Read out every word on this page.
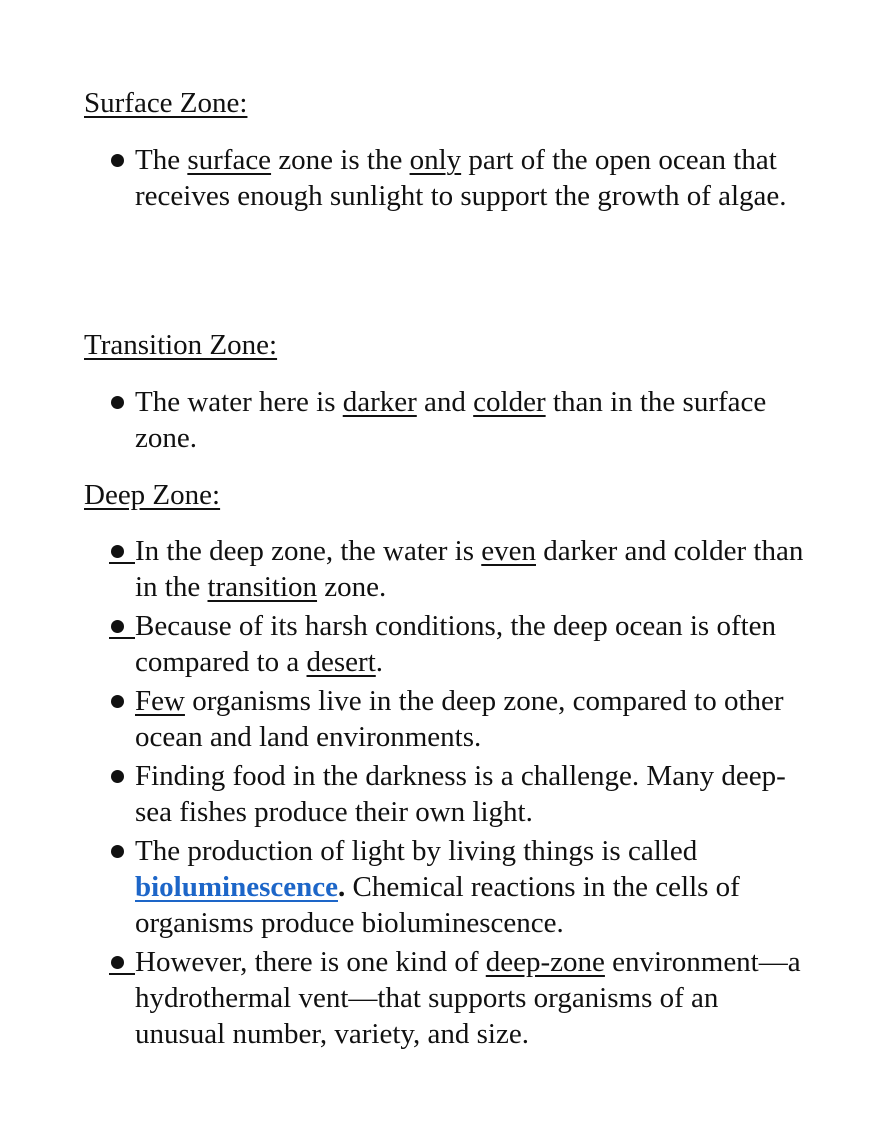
Surface Zone:
The surface zone is the only part of the open ocean that receives enough sunlight to support the growth of algae.
Transition Zone:
The water here is darker and colder than in the surface zone.
Deep Zone:
In the deep zone, the water is even darker and colder than in the transition zone.
Because of its harsh conditions, the deep ocean is often compared to a desert.
Few organisms live in the deep zone, compared to other ocean and land environments.
Finding food in the darkness is a challenge. Many deep-sea fishes produce their own light.
The production of light by living things is called bioluminescence. Chemical reactions in the cells of organisms produce bioluminescence.
However, there is one kind of deep-zone environment—a hydrothermal vent—that supports organisms of an unusual number, variety, and size.
